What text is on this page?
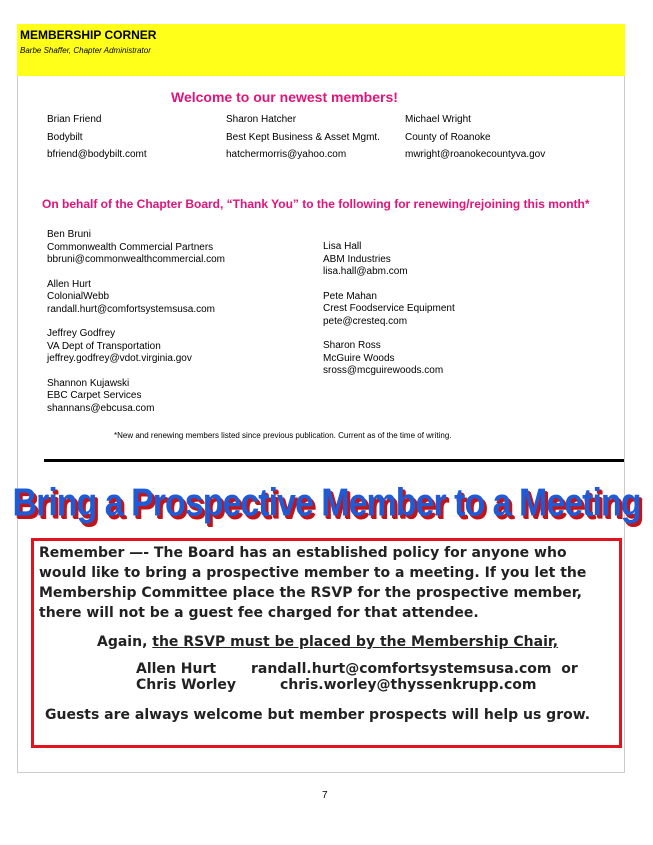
MEMBERSHIP CORNER
Barbe Shaffer, Chapter Administrator
Welcome to our newest members!
Brian Friend
Bodybilt
bfriend@bodybilt.comt
Sharon Hatcher
Best Kept Business & Asset Mgmt.
hatchermorris@yahoo.com
Michael Wright
County of Roanoke
mwright@roanokecountyva.gov
On behalf of the Chapter Board, “Thank You” to the following for renewing/rejoining this month*
Ben Bruni
Commonwealth Commercial Partners
bbruni@commonwealthcommercial.com
Allen Hurt
ColonialWebb
randall.hurt@comfortsystemsusa.com
Jeffrey Godfrey
VA Dept of Transportation
jeffrey.godfrey@vdot.virginia.gov
Shannon Kujawski
EBC Carpet Services
shannans@ebcusa.com
Lisa Hall
ABM Industries
lisa.hall@abm.com
Pete Mahan
Crest Foodservice Equipment
pete@cresteq.com
Sharon Ross
McGuire Woods
sross@mcguirewoods.com
*New and renewing members listed since previous publication. Current as of the time of writing.
Bring a Prospective Member to a Meeting
Remember —- The Board has an established policy for anyone who
would like to bring a prospective member to a meeting. If you let the
Membership Committee place the RSVP for the prospective member,
there will not be a guest fee charged for that attendee.
Again, the RSVP must be placed by the Membership Chair,
Allen Hurt
Chris Worley
randall.hurt@comfortsystemsusa.com or
chris.worley@thyssenkrupp.com
Guests are always welcome but member prospects will help us grow.
7
